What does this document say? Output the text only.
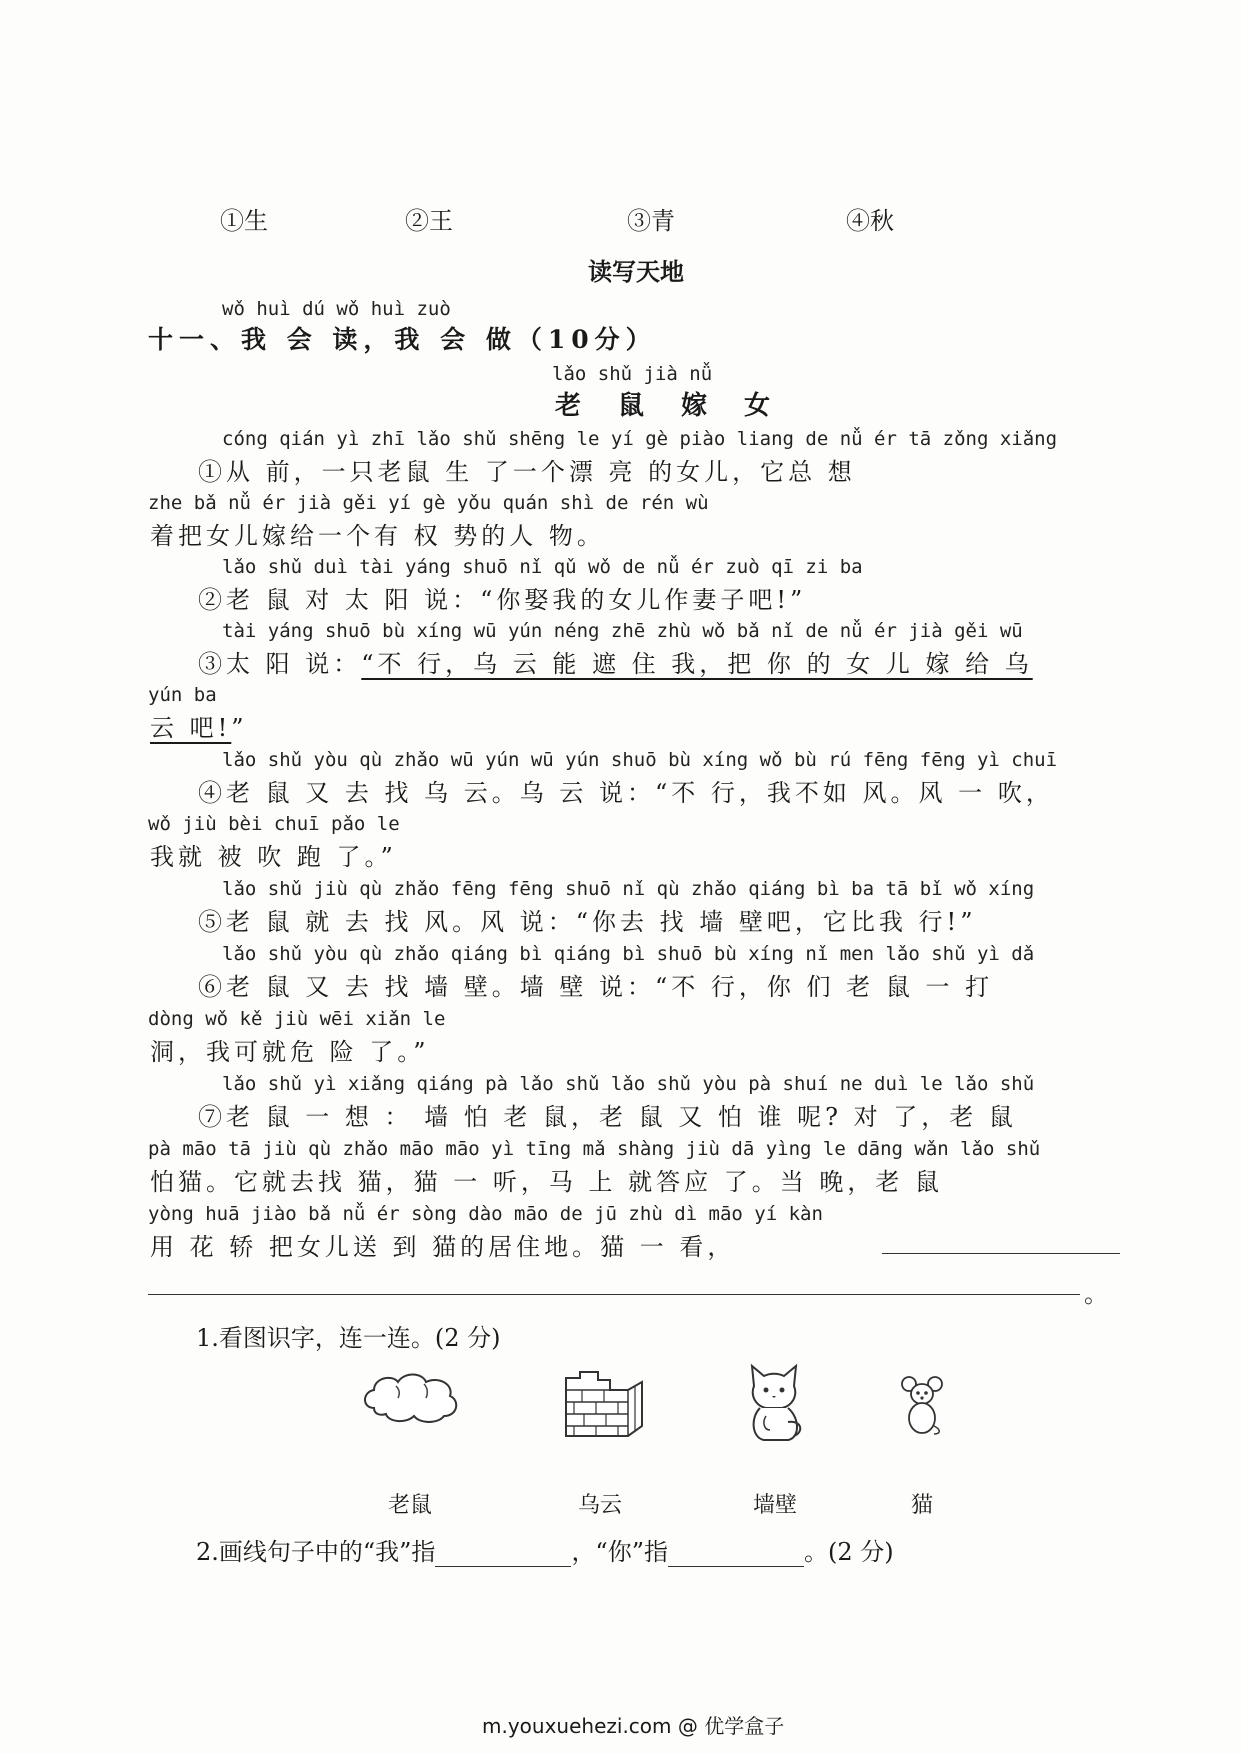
①生	②王	③青	④秋
读写天地
wǒ huì dú wǒ huì zuò
十一、我 会 读，我 会 做（10分）
lǎo shǔ jià nǚ
老 鼠 嫁 女
cóng qián yì zhī lǎo shǔ shēng le yí gè piào liang de nǚ ér tā zǒng xiǎng
①从 前，一只老鼠 生 了一个漂 亮 的女儿，它总 想
zhe bǎ nǚ ér jià gěi yí gè yǒu quán shì de rén wù
着把女儿嫁给一个有 权 势的人 物。
lǎo shǔ duì tài yáng shuō nǐ qǔ wǒ de nǚ ér zuò qī zi ba
②老 鼠 对 太 阳 说：“你娶我的女儿作妻子吧!”
tài yáng shuō bù xíng wū yún néng zhē zhù wǒ bǎ nǐ de nǚ ér jià gěi wū
③太 阳 说：“不 行，乌 云 能 遮 住 我，把 你 的 女 儿 嫁 给 乌
yún ba
云 吧!”
lǎo shǔ yòu qù zhǎo wū yún wū yún shuō bù xíng wǒ bù rú fēng fēng yì chuī
④老 鼠 又 去 找 乌 云。乌 云 说：“不 行，我不如 风。风 一 吹，
wǒ jiù bèi chuī pǎo le
我就 被 吹 跑 了。”
lǎo shǔ jiù qù zhǎo fēng fēng shuō nǐ qù zhǎo qiáng bì ba tā bǐ wǒ xíng
⑤老 鼠 就 去 找 风。风 说：“你去 找 墙 壁吧，它比我 行!”
lǎo shǔ yòu qù zhǎo qiáng bì qiáng bì shuō bù xíng nǐ men lǎo shǔ yì dǎ
⑥老 鼠 又 去 找 墙 壁。墙 壁 说：“不 行，你 们 老 鼠 一 打
dòng wǒ kě jiù wēi xiǎn le
洞，我可就危 险 了。”
lǎo shǔ yì xiǎng qiáng pà lǎo shǔ lǎo shǔ yòu pà shuí ne duì le lǎo shǔ
⑦老 鼠 一 想 ： 墙 怕 老 鼠，老 鼠 又 怕 谁 呢? 对 了，老 鼠
pà māo tā jiù qù zhǎo māo māo yì tīng mǎ shàng jiù dā yìng le dāng wǎn lǎo shǔ
怕猫。它就去找 猫，猫 一 听，马 上 就答应 了。当 晚，老 鼠
yòng huā jiào bǎ nǚ ér sòng dào māo de jū zhù dì māo yí kàn
用 花 轿 把女儿送 到 猫的居住地。猫 一 看，
。
1.看图识字，连一连。(2 分)
老鼠	乌云	墙壁	猫
2.画线句子中的“我”指	，“你”指	。(2 分)
m.youxuehezi.com @ 优学盒子
